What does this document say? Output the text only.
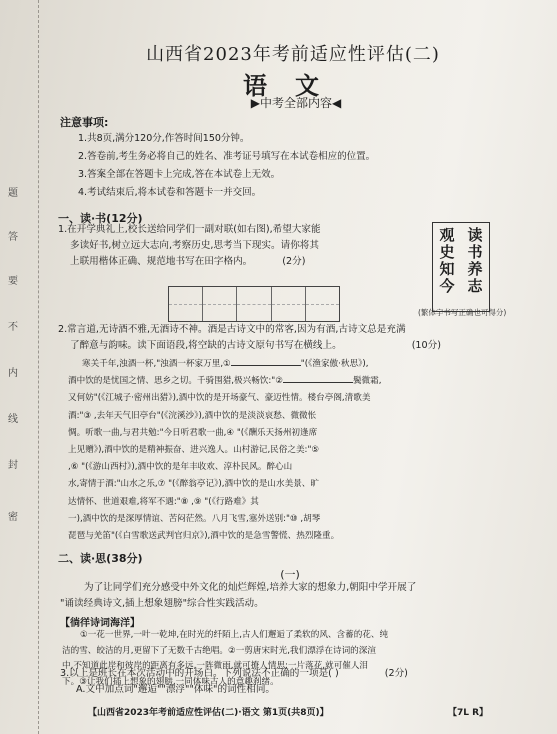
题
答
要
不
内
线
封
密
山西省2023年考前适应性评估(二)
语文
▶中考全部内容◀
注意事项:
1.共8页,满分120分,作答时间150分钟。
2.答卷前,考生务必将自己的姓名、准考证号填写在本试卷相应的位置。
3.答案全部在答题卡上完成,答在本试卷上无效。
4.考试结束后,将本试卷和答题卡一并交回。
一、读·书(12分)
1.在开学典礼上,校长送给同学们一副对联(如右图),希望大家能
多读好书,树立远大志向,考察历史,思考当下现实。请你将其
上联用楷体正确、规范地书写在田字格内。	(2分)	读书养志
观史知今
(繁体字书写正确也可得分)
2.常言道,无诗酒不雅,无酒诗不神。酒是古诗文中的常客,因为有酒,古诗文总是充满
了醉意与韵味。读下面语段,将空缺的古诗文原句书写在横线上。	(10分)
寒关千年,浊酒一杯,"浊酒一杯家万里,①	"(《渔家傲·秋思》),
酒中饮的是忧国之情、思乡之切。千骑围猎,极兴畅饮:"②	鬓微霜,
又何妨"(《江城子·密州出猎》),酒中饮的是开场豪气、豪迈性情。楼台亭阁,清歌美
酒:"③ ,去年天气旧亭台"(《浣溪沙》),酒中饮的是淡淡哀愁、微微怅
惆。听歌一曲,与君共勉:"今日听君歌一曲,④ "(《酬乐天扬州初逢席
上见赠》),酒中饮的是精神振奋、进兴逸人。山村游记,民俗之美:"⑤
,⑥ "(《游山西村》),酒中饮的是年丰收欢、淳朴民风。醉心山
水,寄情于酒:"山水之乐,⑦ "(《醉翁亭记》),酒中饮的是山水美景、旷
达情怀、世道艰难,将军不遇:"⑧ ,⑨ "(《行路难》其
一),酒中饮的是深厚情谊、苦闷茫然。八月飞雪,塞外送别:"⑩ ,胡琴
琵琶与羌笛"(《白雪歌送武判官归京》),酒中饮的是急雪警慌、热烈隆重。
二、读·思(38分)
(一)
为了让同学们充分感受中外文化的灿烂辉煌,培养大家的想象力,朝阳中学开展了
"诵读经典诗文,插上想象翅膀"综合性实践活动。
【徜徉诗词海洋】
①一花一世界,一叶一乾坤,在时光的纤陌上,古人们邂逅了柔软的风、含蓄的花、纯
洁的雪、皎洁的月,更留下了无数千古绝唱。②一剪唐宋时光,我们漂浮在诗词的深渲
中,不知道此岸和彼岸的距离有多远,一阵微雨,就可撩人情思;一片落花,就可催人泪
下。③让我们插上想象的翅膀,一同体味古人的意趣刹绪。
3.以上是班长在本次活动中的开场白。下列说法不正确的一项是( )	(2分)
A.文中加点词"邂逅""漂浮""体味"的词性相同。
【山西省2023年考前适应性评估(二)·语文 第1页(共8页)】	【7L R】
